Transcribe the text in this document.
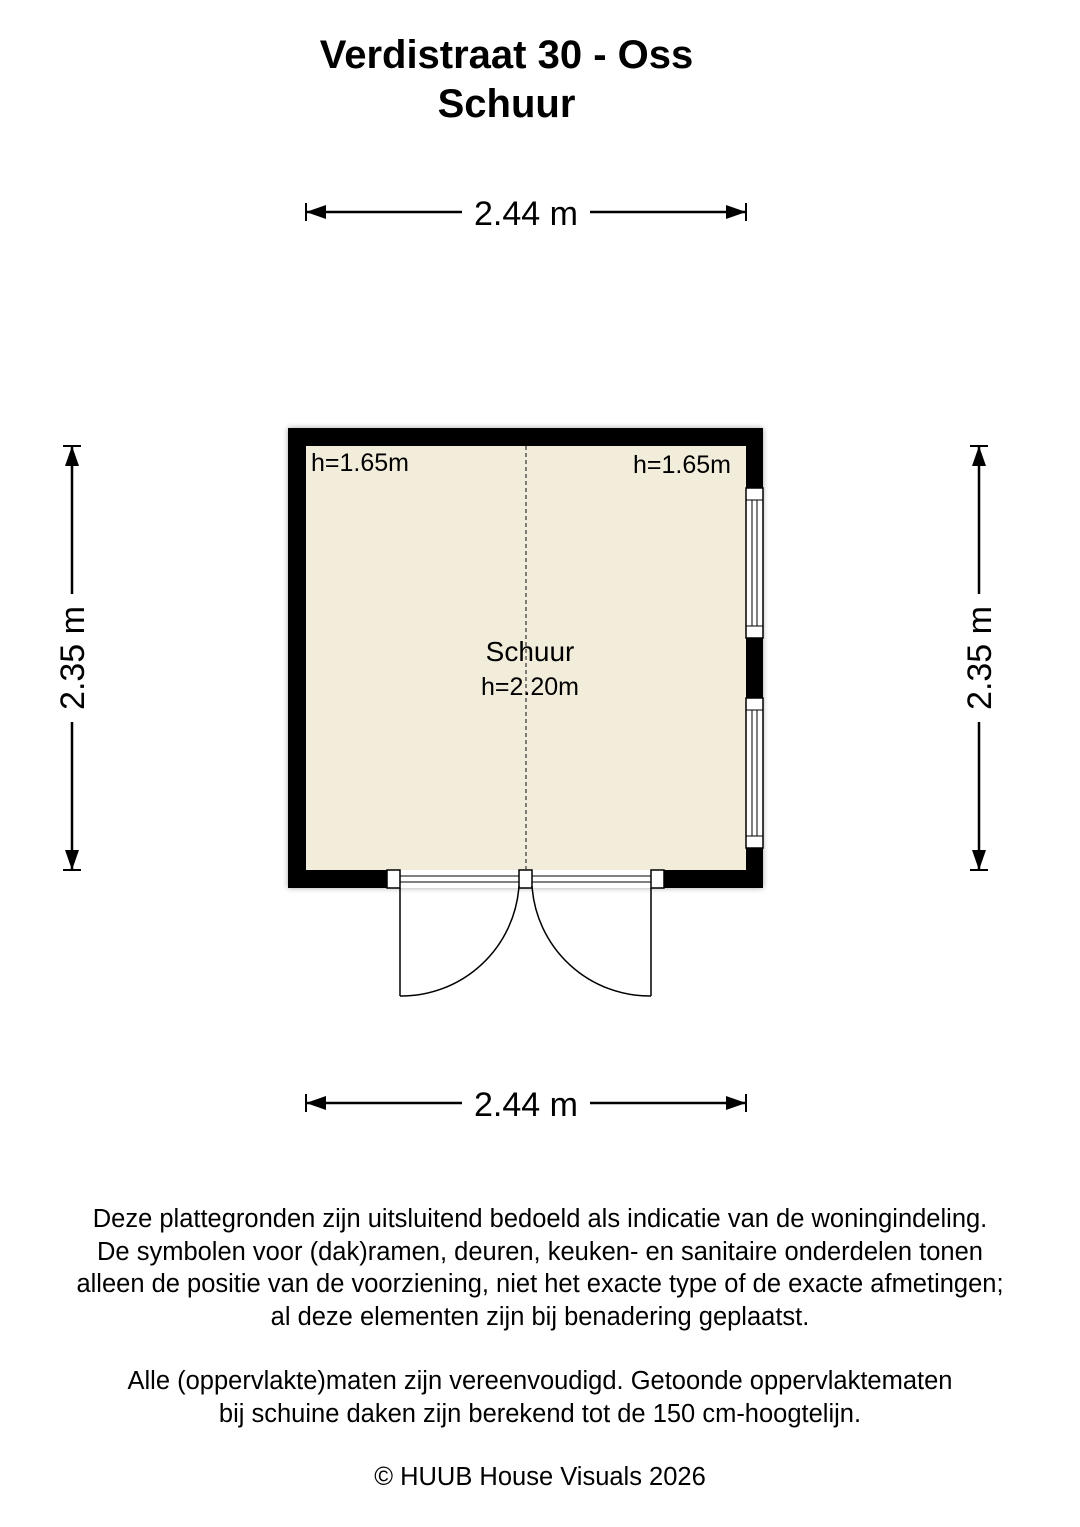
Verdistraat 30 - Oss
Schuur
2.44 m
2.35 m	2.35 m
h=1.65m	h=1.65m
Schuur
h=2.20m
2.44 m
Deze plattegronden zijn uitsluitend bedoeld als indicatie van de woningindeling.
De symbolen voor (dak)ramen, deuren, keuken- en sanitaire onderdelen tonen
alleen de positie van de voorziening, niet het exacte type of de exacte afmetingen;
al deze elementen zijn bij benadering geplaatst.
Alle (oppervlakte)maten zijn vereenvoudigd. Getoonde oppervlaktematen
bij schuine daken zijn berekend tot de 150 cm-hoogtelijn.
© HUUB House Visuals 2026
